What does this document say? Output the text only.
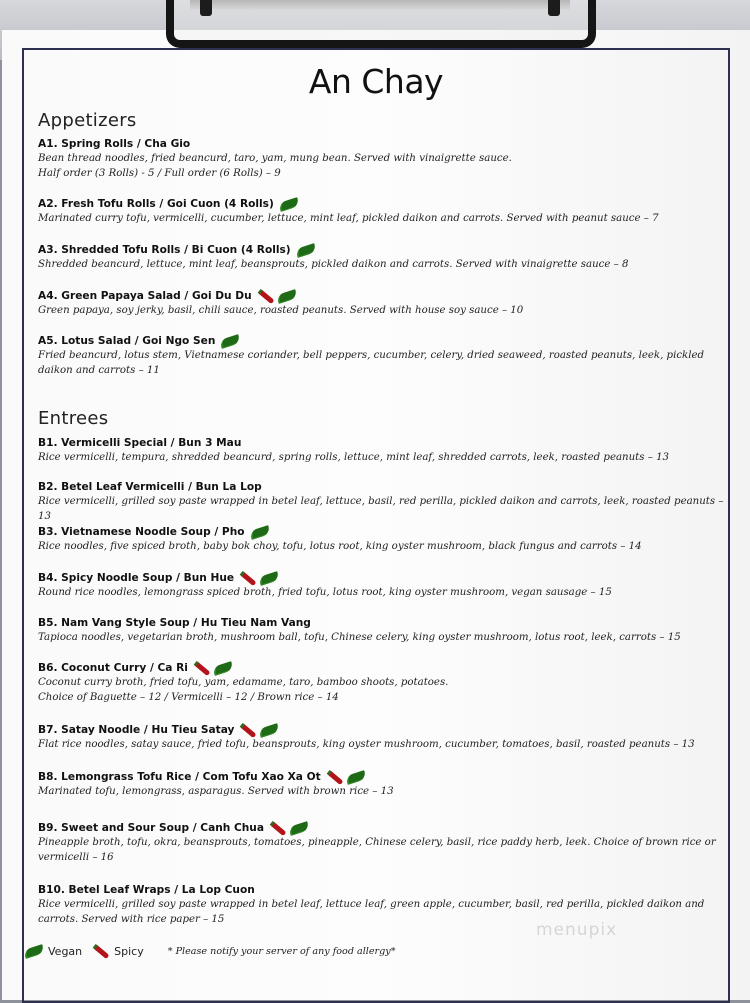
An Chay
Appetizers
A1. Spring Rolls / Cha Gio
Bean thread noodles, fried beancurd, taro, yam, mung bean. Served with vinaigrette sauce.
Half order (3 Rolls) - 5 / Full order (6 Rolls) – 9
A2. Fresh Tofu Rolls / Goi Cuon (4 Rolls)
Marinated curry tofu, vermicelli, cucumber, lettuce, mint leaf, pickled daikon and carrots. Served with peanut sauce – 7
A3. Shredded Tofu Rolls / Bi Cuon (4 Rolls)
Shredded beancurd, lettuce, mint leaf, beansprouts, pickled daikon and carrots. Served with vinaigrette sauce – 8
A4. Green Papaya Salad / Goi Du Du
Green papaya, soy jerky, basil, chili sauce, roasted peanuts. Served with house soy sauce – 10
A5. Lotus Salad / Goi Ngo Sen
Fried beancurd, lotus stem, Vietnamese coriander, bell peppers, cucumber, celery, dried seaweed, roasted peanuts, leek, pickled daikon and carrots – 11
Entrees
B1. Vermicelli Special / Bun 3 Mau
Rice vermicelli, tempura, shredded beancurd, spring rolls, lettuce, mint leaf, shredded carrots, leek, roasted peanuts – 13
B2. Betel Leaf Vermicelli / Bun La Lop
Rice vermicelli, grilled soy paste wrapped in betel leaf, lettuce, basil, red perilla, pickled daikon and carrots, leek, roasted peanuts – 13
B3. Vietnamese Noodle Soup / Pho
Rice noodles, five spiced broth, baby bok choy, tofu, lotus root, king oyster mushroom, black fungus and carrots – 14
B4. Spicy Noodle Soup / Bun Hue
Round rice noodles, lemongrass spiced broth, fried tofu, lotus root, king oyster mushroom, vegan sausage – 15
B5. Nam Vang Style Soup / Hu Tieu Nam Vang
Tapioca noodles, vegetarian broth, mushroom ball, tofu, Chinese celery, king oyster mushroom, lotus root, leek, carrots – 15
B6. Coconut Curry / Ca Ri
Coconut curry broth, fried tofu, yam, edamame, taro, bamboo shoots, potatoes.
Choice of Baguette – 12 / Vermicelli – 12 / Brown rice – 14
B7. Satay Noodle / Hu Tieu Satay
Flat rice noodles, satay sauce, fried tofu, beansprouts, king oyster mushroom, cucumber, tomatoes, basil, roasted peanuts – 13
B8. Lemongrass Tofu Rice / Com Tofu Xao Xa Ot
Marinated tofu, lemongrass, asparagus. Served with brown rice – 13
B9. Sweet and Sour Soup / Canh Chua
Pineapple broth, tofu, okra, beansprouts, tomatoes, pineapple, Chinese celery, basil, rice paddy herb, leek. Choice of brown rice or vermicelli – 16
B10. Betel Leaf Wraps / La Lop Cuon
Rice vermicelli, grilled soy paste wrapped in betel leaf, lettuce leaf, green apple, cucumber, basil, red perilla, pickled daikon and carrots. Served with rice paper – 15
Vegan	Spicy	* Please notify your server of any food allergy*
menupix
